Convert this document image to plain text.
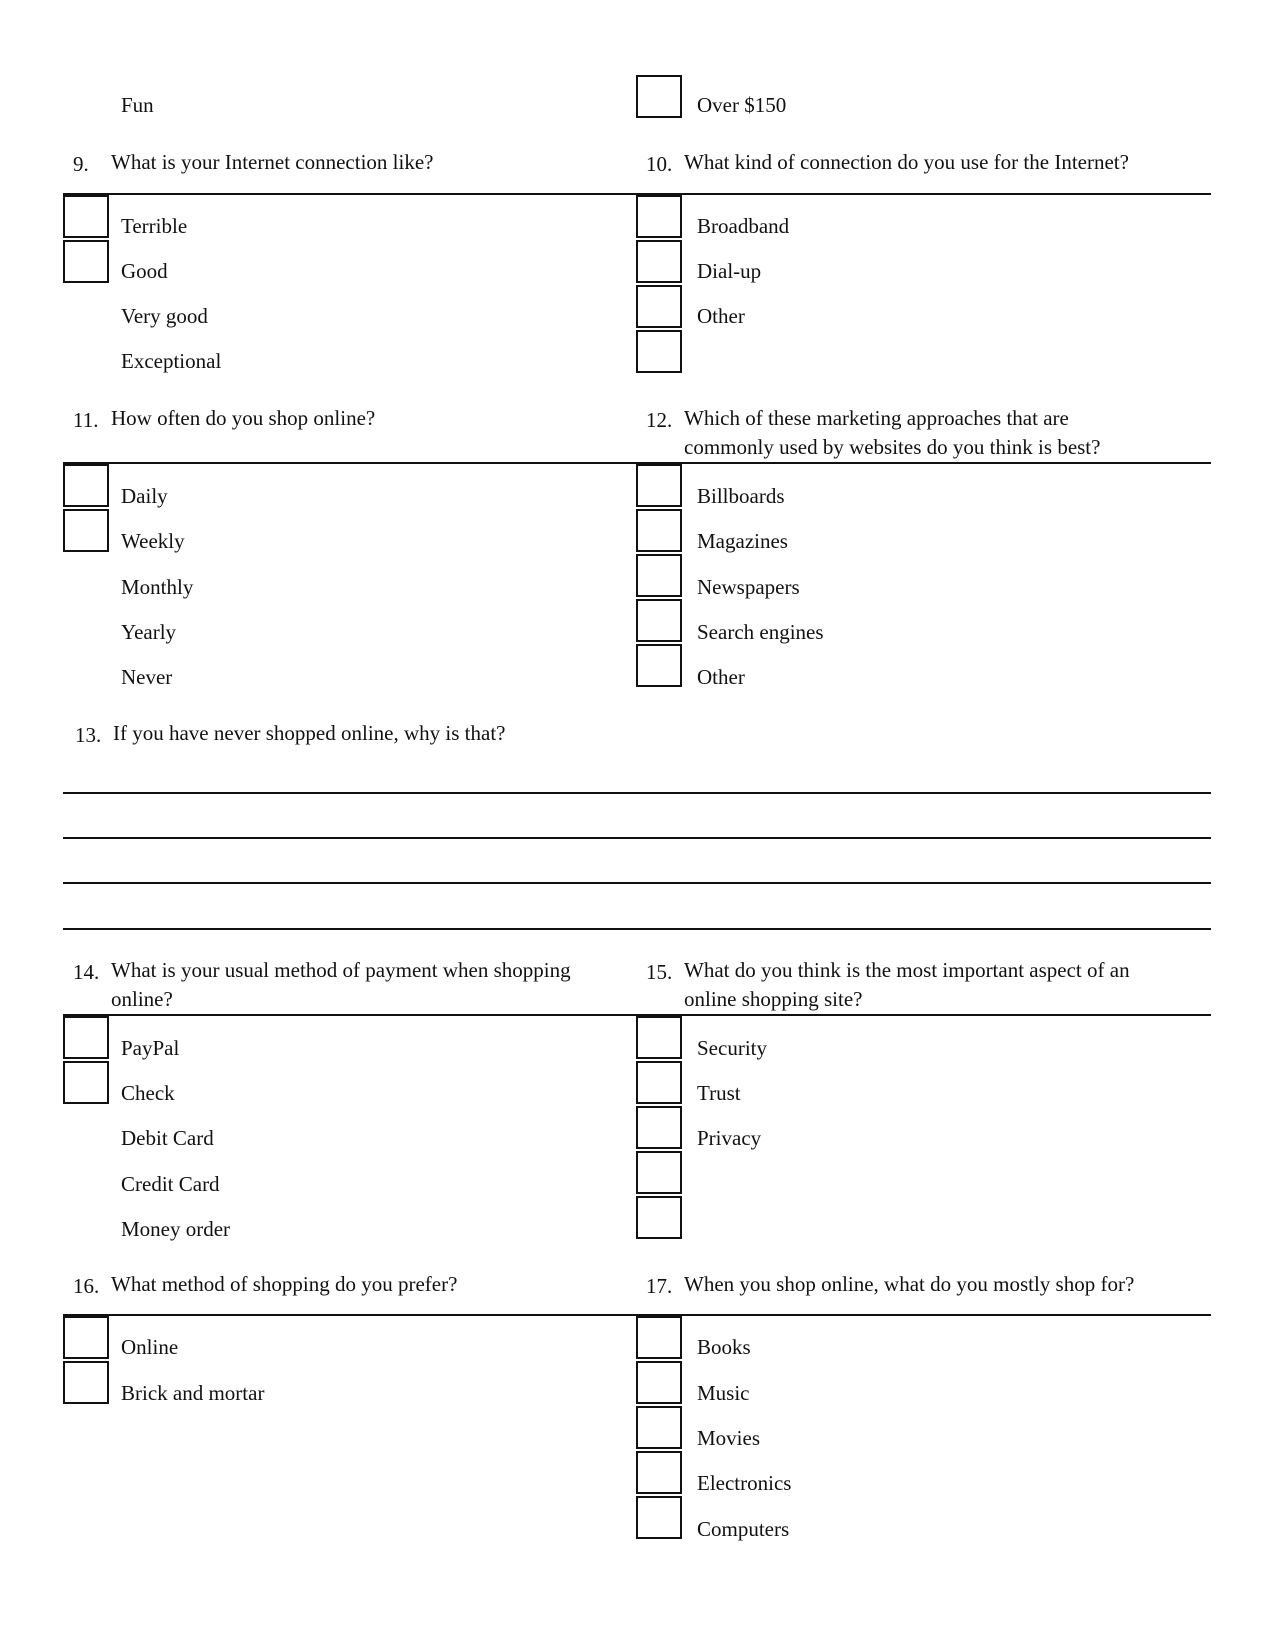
Fun	Over $150
9. What is your Internet connection like?
Terrible
Good
Very good
Exceptional
10. What kind of connection do you use for the Internet?
Broadband
Dial-up
Other
11. How often do you shop online?
Daily
Weekly
Monthly
Yearly
Never
12. Which of these marketing approaches that are
commonly used by websites do you think is best?
Billboards
Magazines
Newspapers
Search engines
Other
13. If you have never shopped online, why is that?
14. What is your usual method of payment when shopping
online?
PayPal
Check
Debit Card
Credit Card
Money order
15. What do you think is the most important aspect of an
online shopping site?
Security
Trust
Privacy
16. What method of shopping do you prefer?
Online
Brick and mortar
17. When you shop online, what do you mostly shop for?
Books
Music
Movies
Electronics
Computers
